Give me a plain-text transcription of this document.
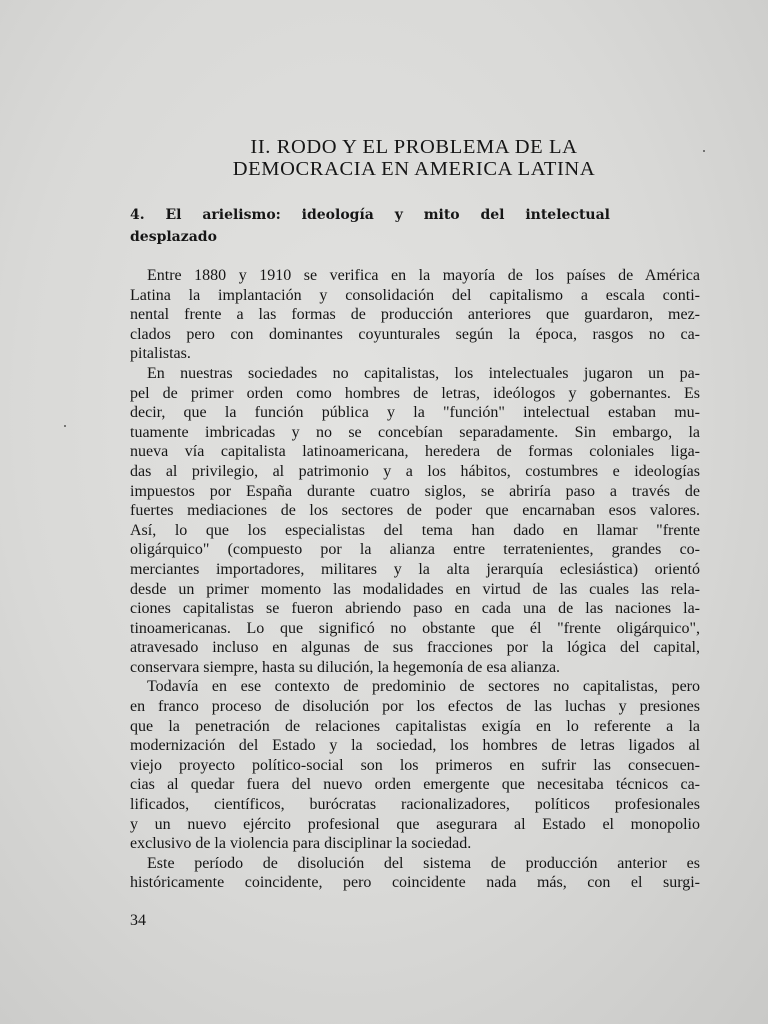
II. RODO Y EL PROBLEMA DE LA
DEMOCRACIA EN AMERICA LATINA
4. El arielismo: ideología y mito del intelectual
desplazado
Entre 1880 y 1910 se verifica en la mayoría de los países de América
Latina la implantación y consolidación del capitalismo a escala conti-
nental frente a las formas de producción anteriores que guardaron, mez-
clados pero con dominantes coyunturales según la época, rasgos no ca-
pitalistas.
En nuestras sociedades no capitalistas, los intelectuales jugaron un pa-
pel de primer orden como hombres de letras, ideólogos y gobernantes. Es
decir, que la función pública y la "función" intelectual estaban mu-
tuamente imbricadas y no se concebían separadamente. Sin embargo, la
nueva vía capitalista latinoamericana, heredera de formas coloniales liga-
das al privilegio, al patrimonio y a los hábitos, costumbres e ideologías
impuestos por España durante cuatro siglos, se abriría paso a través de
fuertes mediaciones de los sectores de poder que encarnaban esos valores.
Así, lo que los especialistas del tema han dado en llamar "frente
oligárquico" (compuesto por la alianza entre terratenientes, grandes co-
merciantes importadores, militares y la alta jerarquía eclesiástica) orientó
desde un primer momento las modalidades en virtud de las cuales las rela-
ciones capitalistas se fueron abriendo paso en cada una de las naciones la-
tinoamericanas. Lo que significó no obstante que él "frente oligárquico",
atravesado incluso en algunas de sus fracciones por la lógica del capital,
conservara siempre, hasta su dilución, la hegemonía de esa alianza.
Todavía en ese contexto de predominio de sectores no capitalistas, pero
en franco proceso de disolución por los efectos de las luchas y presiones
que la penetración de relaciones capitalistas exigía en lo referente a la
modernización del Estado y la sociedad, los hombres de letras ligados al
viejo proyecto político-social son los primeros en sufrir las consecuen-
cias al quedar fuera del nuevo orden emergente que necesitaba técnicos ca-
lificados, científicos, burócratas racionalizadores, políticos profesionales
y un nuevo ejército profesional que asegurara al Estado el monopolio
exclusivo de la violencia para disciplinar la sociedad.
Este período de disolución del sistema de producción anterior es
históricamente coincidente, pero coincidente nada más, con el surgi-
34
